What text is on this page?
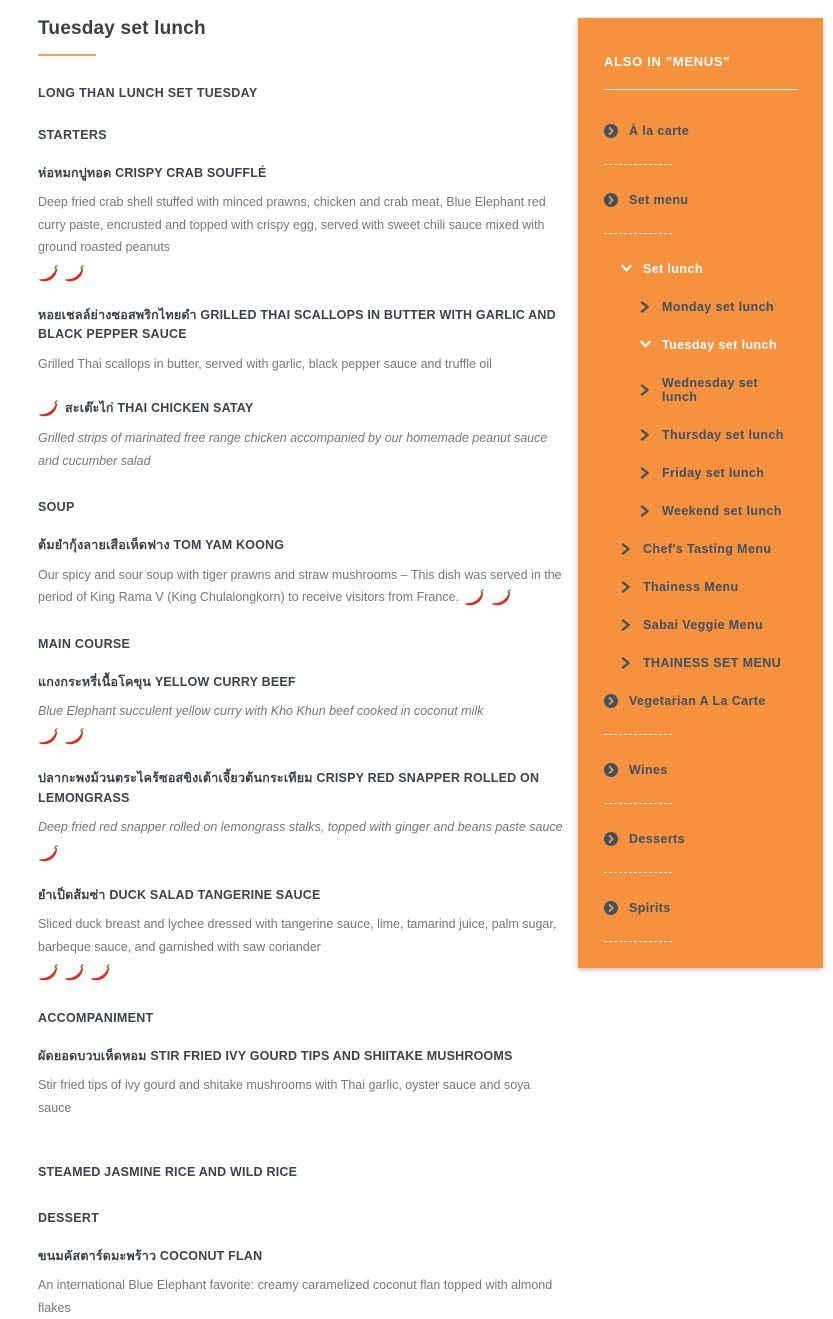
Tuesday set lunch
LONG THAN LUNCH SET TUESDAY
STARTERS
ห่อหมกปูทอด CRISPY CRAB SOUFFLÉ

Deep fried crab shell stuffed with minced prawns, chicken and crab meat, Blue Elephant red curry paste, encrusted and topped with crispy egg, served with sweet chili sauce mixed with ground roasted peanuts

หอยเชลล์ย่างซอสพริกไทยดำ GRILLED THAI SCALLOPS IN BUTTER WITH GARLIC AND BLACK PEPPER SAUCE

Grilled Thai scallops in butter, served with garlic, black pepper sauce and truffle oil

สะเต๊ะไก่ THAI CHICKEN SATAY

Grilled strips of marinated free range chicken accompanied by our homemade peanut sauce and cucumber salad

SOUP
ต้มยำกุ้งลายเสือเห็ดฟาง TOM YAM KOONG

Our spicy and sour soup with tiger prawns and straw mushrooms – This dish was served in the period of King Rama V (King Chulalongkorn) to receive visitors from France.

MAIN COURSE
แกงกระหรี่เนื้อโคขุน YELLOW CURRY BEEF

Blue Elephant succulent yellow curry with Kho Khun beef cooked in coconut milk

ปลากะพงม้วนตระไคร้ซอสขิงเต้าเจี้ยวต้นกระเทียม CRISPY RED SNAPPER ROLLED ON LEMONGRASS

Deep fried red snapper rolled on lemongrass stalks, topped with ginger and beans paste sauce

ยำเป็ดส้มซ่า DUCK SALAD TANGERINE SAUCE

Sliced duck breast and lychee dressed with tangerine sauce, lime, tamarind juice, palm sugar, barbeque sauce, and garnished with saw coriander

ACCOMPANIMENT
ผัดยอดบวบเห็ดหอม STIR FRIED IVY GOURD TIPS AND SHIITAKE MUSHROOMS

Stir fried tips of ivy gourd and shitake mushrooms with Thai garlic, oyster sauce and soya sauce

STEAMED JASMINE RICE AND WILD RICE
DESSERT
ขนมคัสตาร์ดมะพร้าว COCONUT FLAN

An international Blue Elephant favorite: creamy caramelized coconut flan topped with almond flakes

ALSO IN "MENUS"
À la carte
Set menu
Set lunch
Monday set lunch
Tuesday set lunch
Wednesday set lunch
Thursday set lunch
Friday set lunch
Weekend set lunch
Chef's Tasting Menu
Thainess Menu
Sabai Veggie Menu
THAINESS SET MENU
Vegetarian A La Carte
Wines
Desserts
Spirits
